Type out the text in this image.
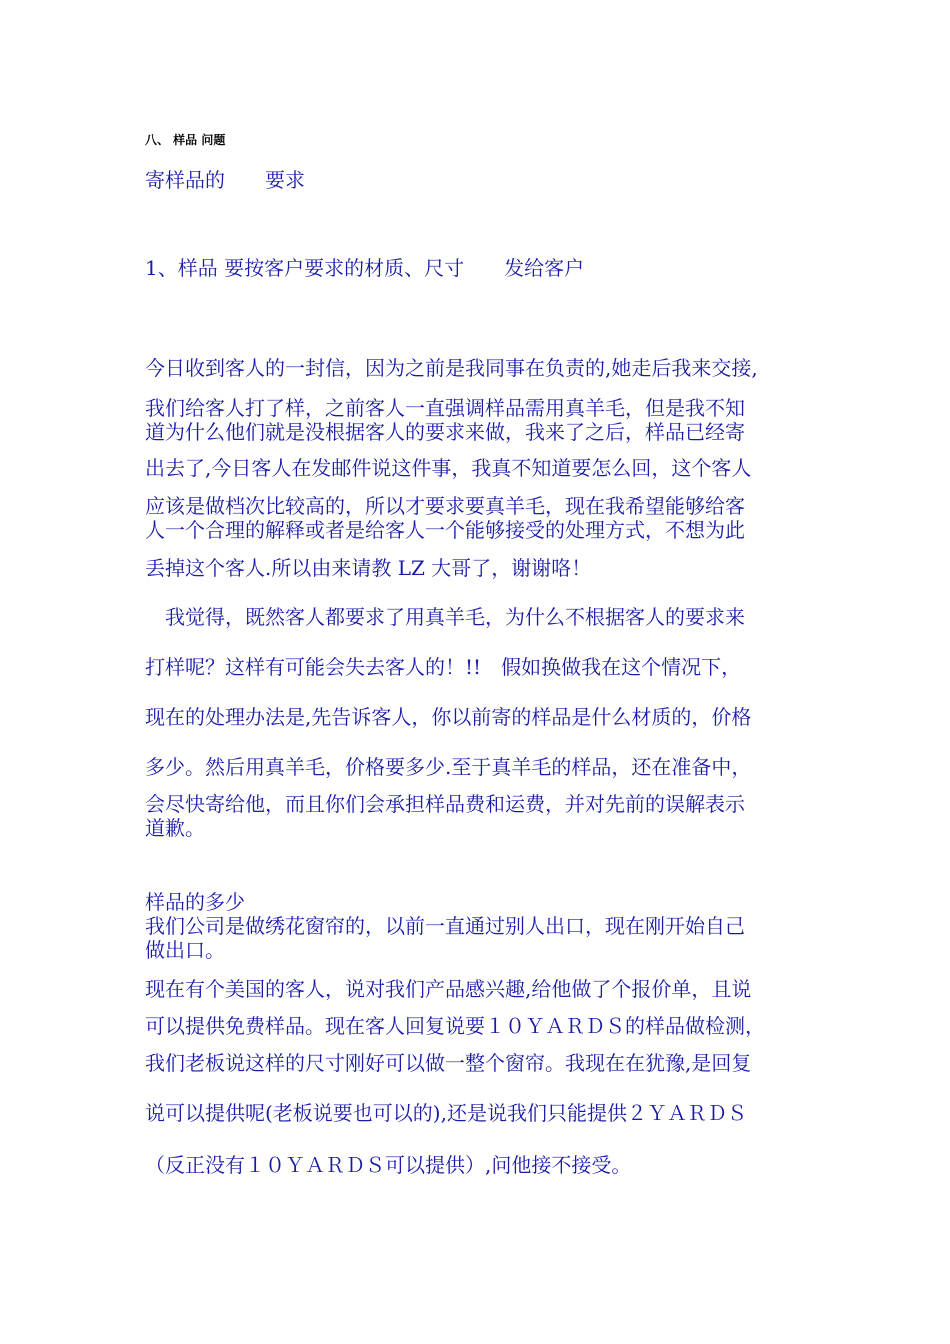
八、 样品 问题
寄样品的　　要求
1、样品 要按客户要求的材质、尺寸　　发给客户
今日收到客人的一封信，因为之前是我同事在负责的,她走后我来交接,
我们给客人打了样，之前客人一直强调样品需用真羊毛，但是我不知
道为什么他们就是没根据客人的要求来做，我来了之后，样品已经寄
出去了,今日客人在发邮件说这件事，我真不知道要怎么回，这个客人
应该是做档次比较高的，所以才要求要真羊毛，现在我希望能够给客
人一个合理的解释或者是给客人一个能够接受的处理方式，不想为此
丢掉这个客人.所以由来请教 LZ 大哥了，谢谢咯！
　我觉得，既然客人都要求了用真羊毛，为什么不根据客人的要求来
打样呢？这样有可能会失去客人的！!!　假如换做我在这个情况下，
现在的处理办法是,先告诉客人，你以前寄的样品是什么材质的，价格
多少。然后用真羊毛，价格要多少.至于真羊毛的样品，还在准备中，
会尽快寄给他，而且你们会承担样品费和运费，并对先前的误解表示
道歉。
样品的多少
我们公司是做绣花窗帘的，以前一直通过别人出口，现在刚开始自己
做出口。
现在有个美国的客人，说对我们产品感兴趣,给他做了个报价单，且说
可以提供免费样品。现在客人回复说要１０ＹＡＲＤＳ的样品做检测，
我们老板说这样的尺寸刚好可以做一整个窗帘。我现在在犹豫,是回复
说可以提供呢(老板说要也可以的),还是说我们只能提供２ＹＡＲＤＳ
（反正没有１０ＹＡＲＤＳ可以提供）,问他接不接受。
